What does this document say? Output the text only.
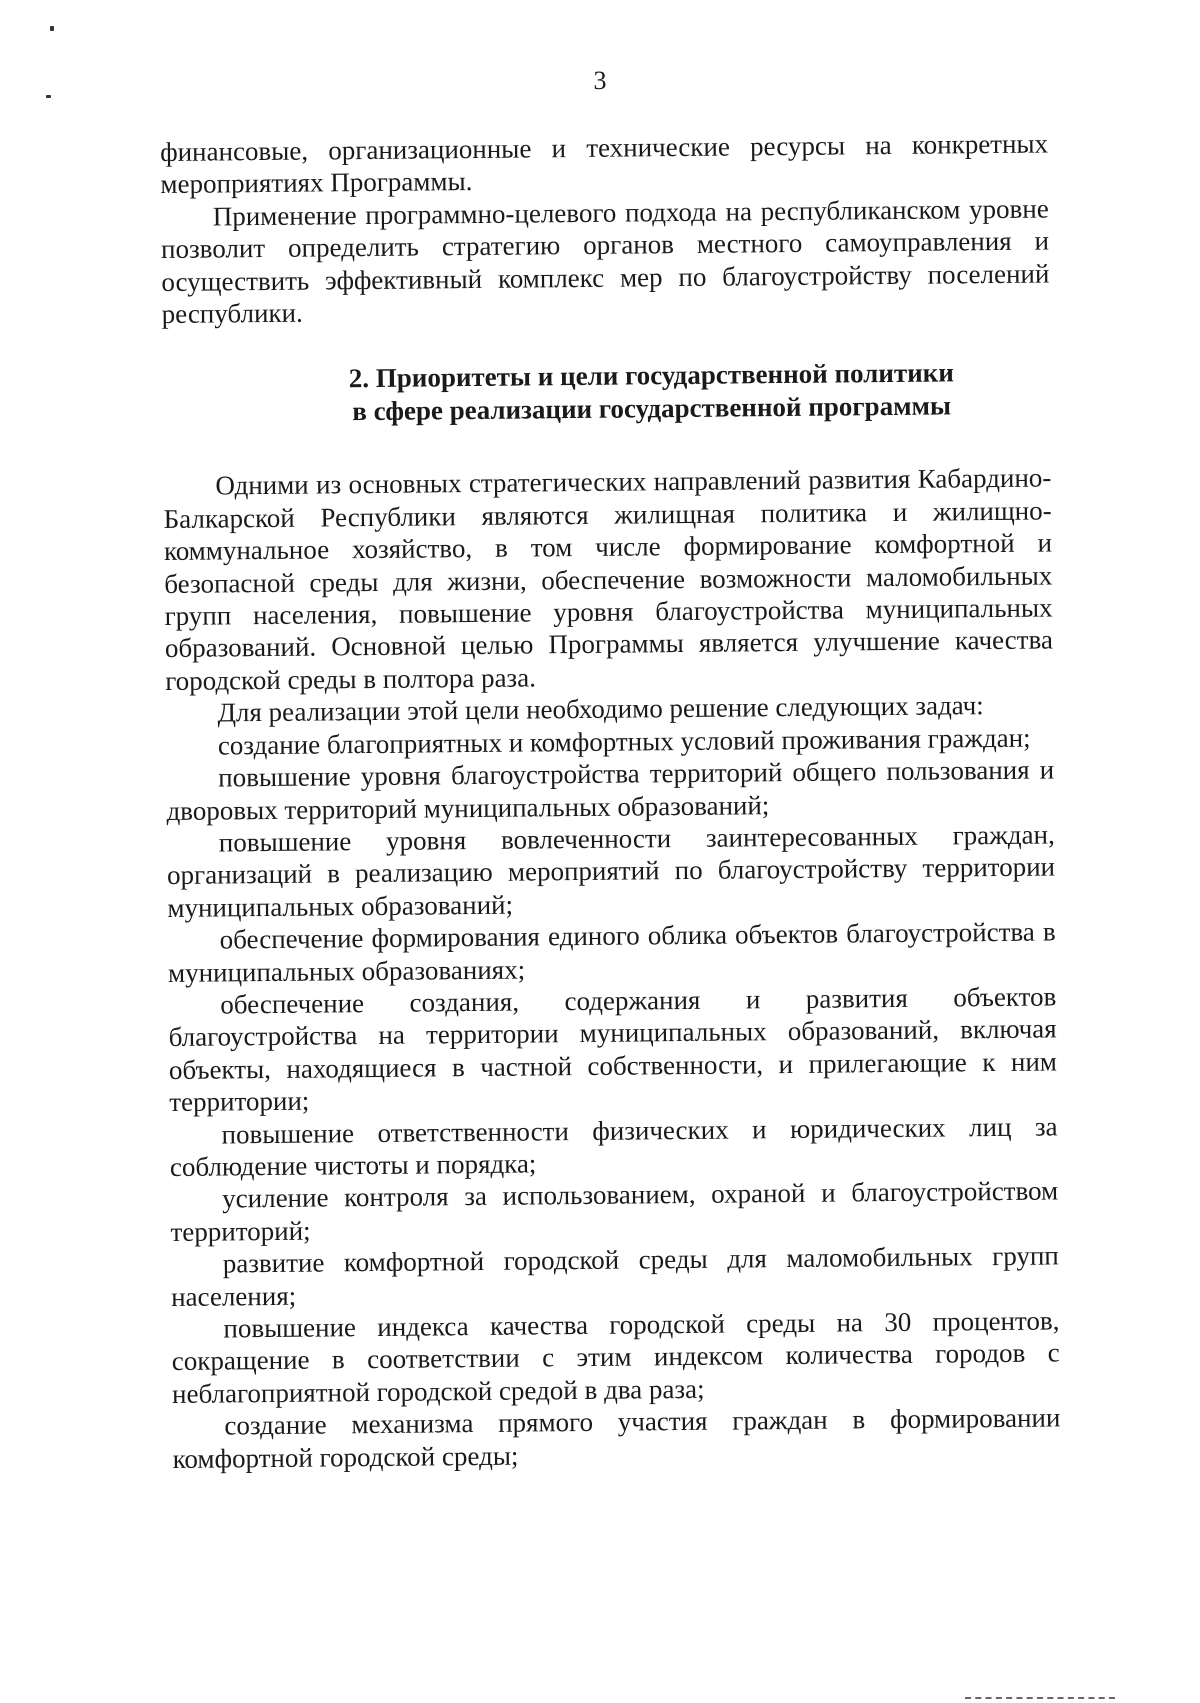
3

финансовые, организационные и технические ресурсы на конкретных мероприятиях Программы.

Применение программно-целевого подхода на республиканском уровне позволит определить стратегию органов местного самоуправления и осуществить эффективный комплекс мер по благоустройству поселений республики.

2. Приоритеты и цели государственной политики
в сфере реализации государственной программы

Одними из основных стратегических направлений развития Кабардино-Балкарской Республики являются жилищная политика и жилищно-коммунальное хозяйство, в том числе формирование комфортной и безопасной среды для жизни, обеспечение возможности маломобильных групп населения, повышение уровня благоустройства муниципальных образований. Основной целью Программы является улучшение качества городской среды в полтора раза.

Для реализации этой цели необходимо решение следующих задач:

создание благоприятных и комфортных условий проживания граждан;

повышение уровня благоустройства территорий общего пользования и дворовых территорий муниципальных образований;

повышение уровня вовлеченности заинтересованных граждан, организаций в реализацию мероприятий по благоустройству территории муниципальных образований;

обеспечение формирования единого облика объектов благоустройства в муниципальных образованиях;

обеспечение создания, содержания и развития объектов благоустройства на территории муниципальных образований, включая объекты, находящиеся в частной собственности, и прилегающие к ним территории;

повышение ответственности физических и юридических лиц за соблюдение чистоты и порядка;

усиление контроля за использованием, охраной и благоустройством территорий;

развитие комфортной городской среды для маломобильных групп населения;

повышение индекса качества городской среды на 30 процентов, сокращение в соответствии с этим индексом количества городов с неблагоприятной городской средой в два раза;

создание механизма прямого участия граждан в формировании комфортной городской среды;
